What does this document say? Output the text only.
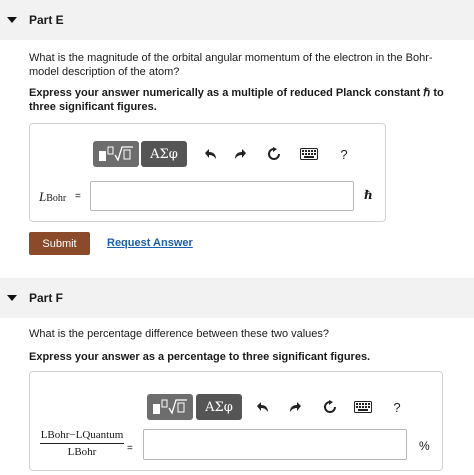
Part E
What is the magnitude of the orbital angular momentum of the electron in the Bohr-model description of the atom?
Express your answer numerically as a multiple of reduced Planck constant ℏ to three significant figures.
ΑΣφ	?
L Bohr =	ℏ
Submit	Request Answer
Part F
What is the percentage difference between these two values?
Express your answer as a percentage to three significant figures.
ΑΣφ	?
LBohr−LQuantum
LBohr	=	%
